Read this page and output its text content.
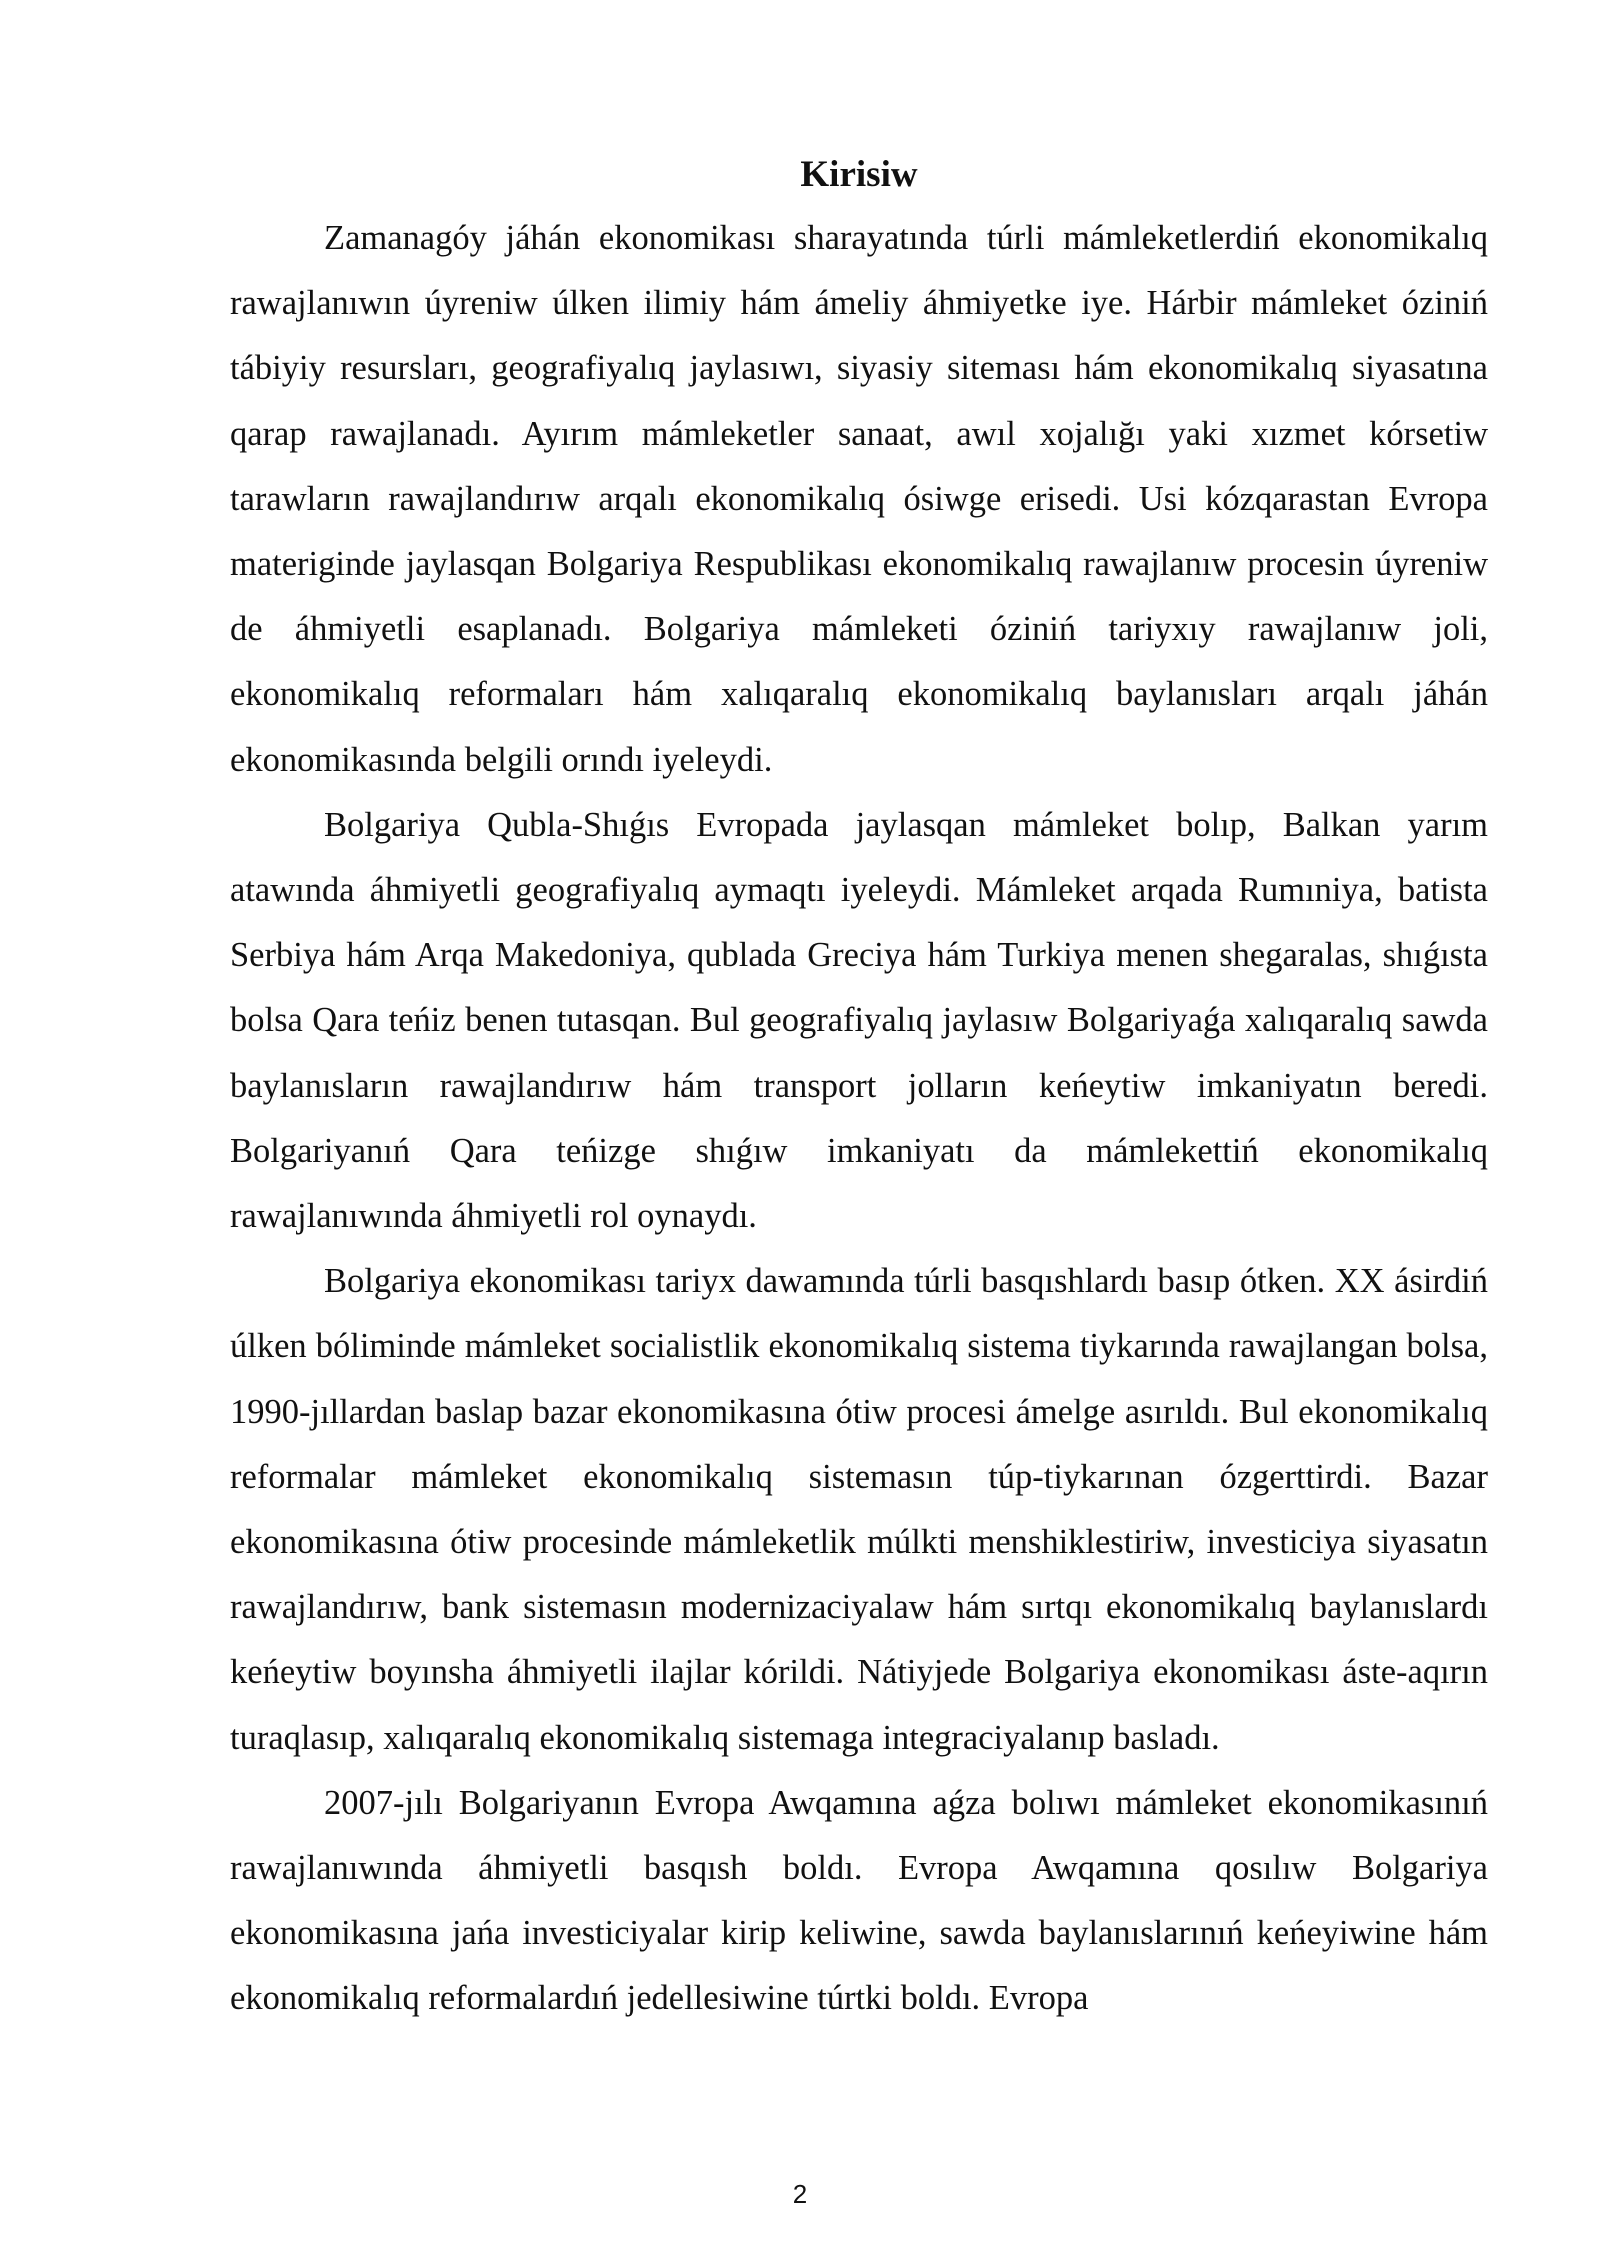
Kirisiw

Zamanagóy jáhán ekonomikası sharayatında túrli mámleketlerdiń ekonomikalıq rawajlanıwın úyreniw úlken ilimiy hám ámeliy áhmiyetke iye. Hárbir mámleket óziniń tábiyiy resursları, geografiyalıq jaylasıwı, siyasiy siteması hám ekonomikalıq siyasatına qarap rawajlanadı. Ayırım mámleketler sanaat, awıl xojalığı yaki xızmet kórsetiw tarawların rawajlandırıw arqalı ekonomikalıq ósiwge erisedi. Usi kózqarastan Evropa materiginde jaylasqan Bolgariya Respublikası ekonomikalıq rawajlanıw procesin úyreniw de áhmiyetli esaplanadı. Bolgariya mámleketi óziniń tariyxıy rawajlanıw joli, ekonomikalıq reformaları hám xalıqaralıq ekonomikalıq baylanısları arqalı jáhán ekonomikasında belgili orındı iyeleydi.

Bolgariya Qubla-Shıǵıs Evropada jaylasqan mámleket bolıp, Balkan yarım atawında áhmiyetli geografiyalıq aymaqtı iyeleydi. Mámleket arqada Rumıniya, batista Serbiya hám Arqa Makedoniya, qublada Greciya hám Turkiya menen shegaralas, shıǵısta bolsa Qara teńiz benen tutasqan. Bul geografiyalıq jaylasıw Bolgariyaǵa xalıqaralıq sawda baylanısların rawajlandırıw hám transport jolların keńeytiw imkaniyatın beredi. Bolgariyanıń Qara teńizge shıǵıw imkaniyatı da mámlekettiń ekonomikalıq rawajlanıwında áhmiyetli rol oynaydı.

Bolgariya ekonomikası tariyx dawamında túrli basqıshlardı basıp ótken. XX ásirdiń úlken bóliminde mámleket socialistlik ekonomikalıq sistema tiykarında rawajlangan bolsa, 1990-jıllardan baslap bazar ekonomikasına ótiw procesi ámelge asırıldı. Bul ekonomikalıq reformalar mámleket ekonomikalıq sistemasın túp-tiykarınan ózgerttirdi. Bazar ekonomikasına ótiw procesinde mámleketlik múlkti menshiklestiriw, investiciya siyasatın rawajlandırıw, bank sistemasın modernizaciyalaw hám sırtqı ekonomikalıq baylanıslardı keńeytiw boyınsha áhmiyetli ilajlar kórildi. Nátiyjede Bolgariya ekonomikası áste-aqırın turaqlasıp, xalıqaralıq ekonomikalıq sistemaga integraciyalanıp basladı.

2007-jılı Bolgariyanın Evropa Awqamına aǵza bolıwı mámleket ekonomikasınıń rawajlanıwında áhmiyetli basqısh boldı. Evropa Awqamına qosılıw Bolgariya ekonomikasına jańa investiciyalar kirip keliwine, sawda baylanıslarınıń keńeyiwine hám ekonomikalıq reformalardıń jedellesiwine túrtki boldı. Evropa

2
